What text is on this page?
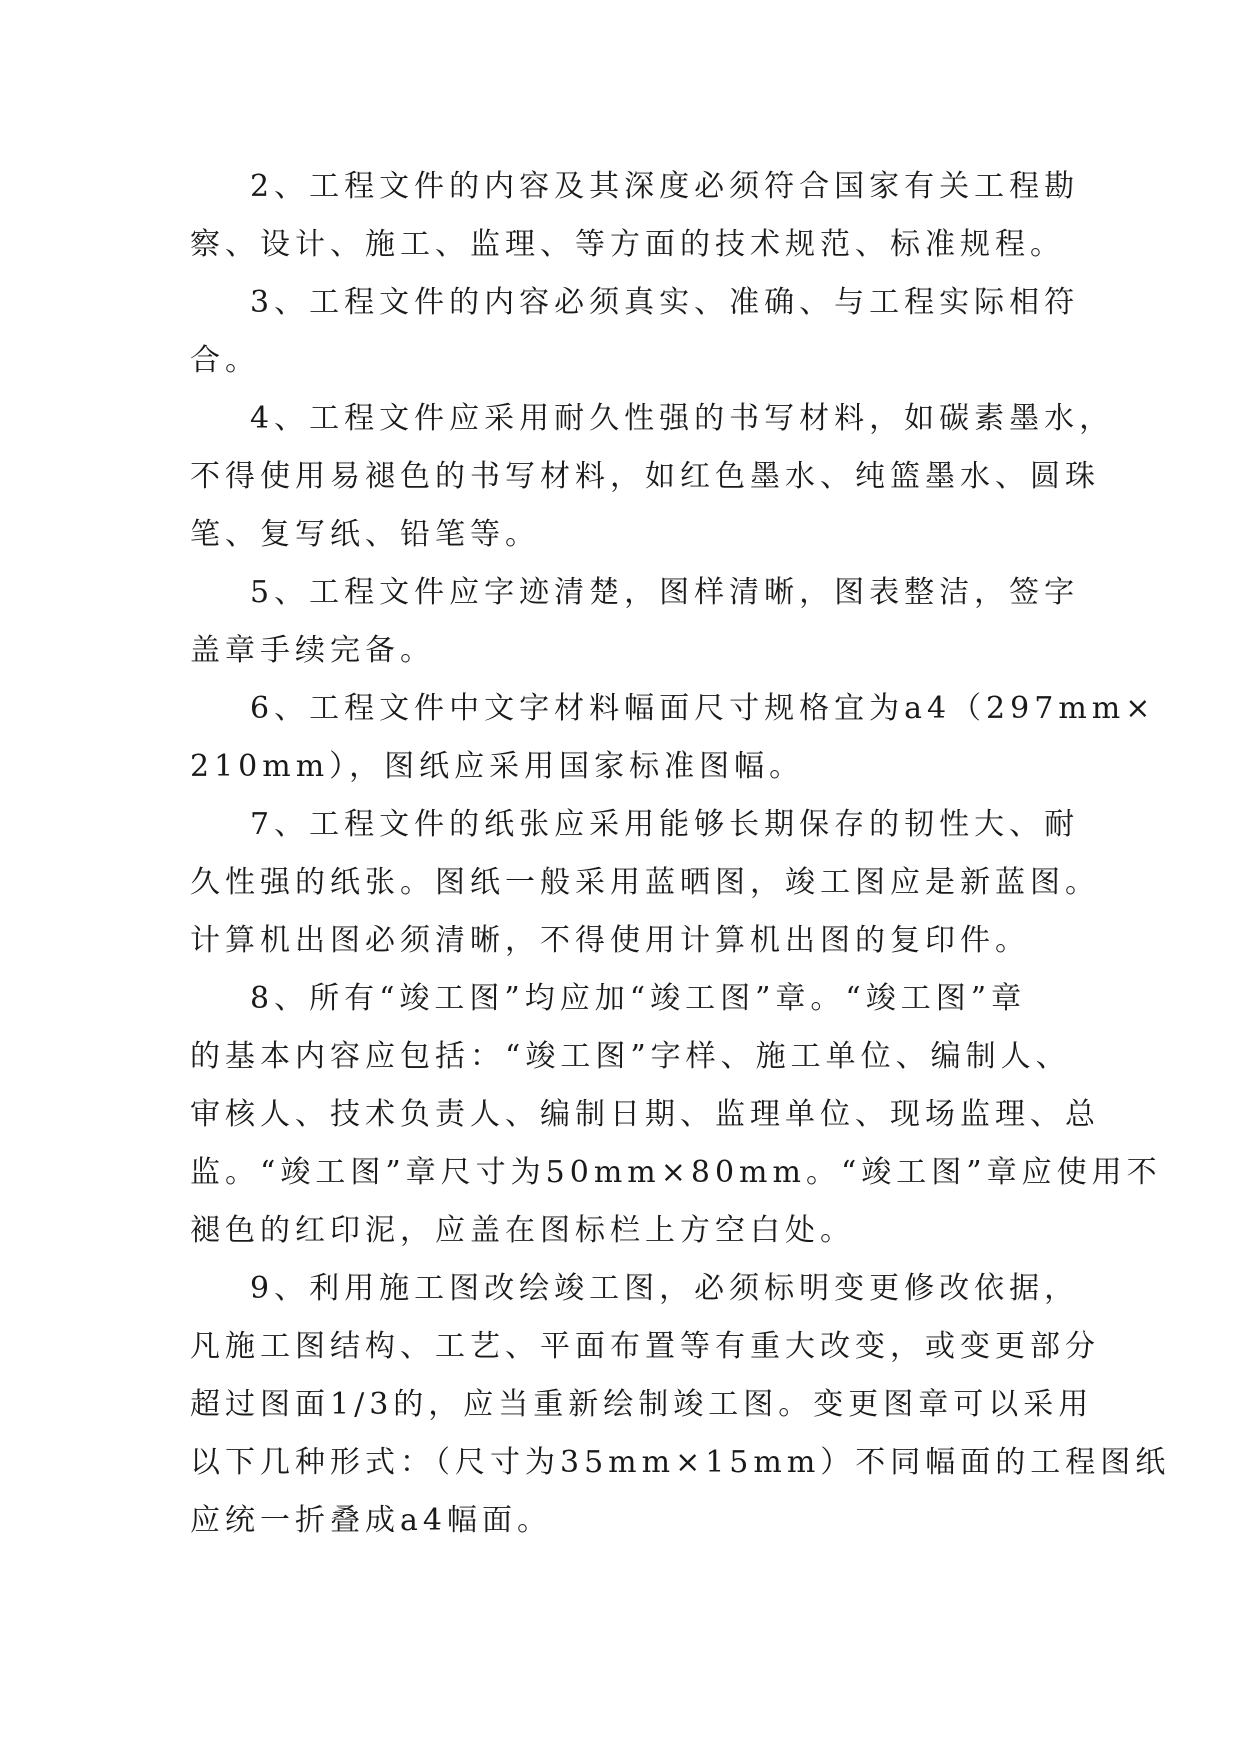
2、工程文件的内容及其深度必须符合国家有关工程勘
察、设计、施工、监理、等方面的技术规范、标准规程。
3、工程文件的内容必须真实、准确、与工程实际相符
合。
4、工程文件应采用耐久性强的书写材料，如碳素墨水，
不得使用易褪色的书写材料，如红色墨水、纯篮墨水、圆珠
笔、复写纸、铅笔等。
5、工程文件应字迹清楚，图样清晰，图表整洁，签字
盖章手续完备。
6、工程文件中文字材料幅面尺寸规格宜为a4（297mm×
210mm），图纸应采用国家标准图幅。
7、工程文件的纸张应采用能够长期保存的韧性大、耐
久性强的纸张。图纸一般采用蓝晒图，竣工图应是新蓝图。
计算机出图必须清晰，不得使用计算机出图的复印件。
8、所有“竣工图”均应加“竣工图”章。“竣工图”章
的基本内容应包括：“竣工图”字样、施工单位、编制人、
审核人、技术负责人、编制日期、监理单位、现场监理、总
监。“竣工图”章尺寸为50mm×80mm。“竣工图”章应使用不
褪色的红印泥，应盖在图标栏上方空白处。
9、利用施工图改绘竣工图，必须标明变更修改依据，
凡施工图结构、工艺、平面布置等有重大改变，或变更部分
超过图面1/3的，应当重新绘制竣工图。变更图章可以采用
以下几种形式：（尺寸为35mm×15mm）不同幅面的工程图纸
应统一折叠成a4幅面。
